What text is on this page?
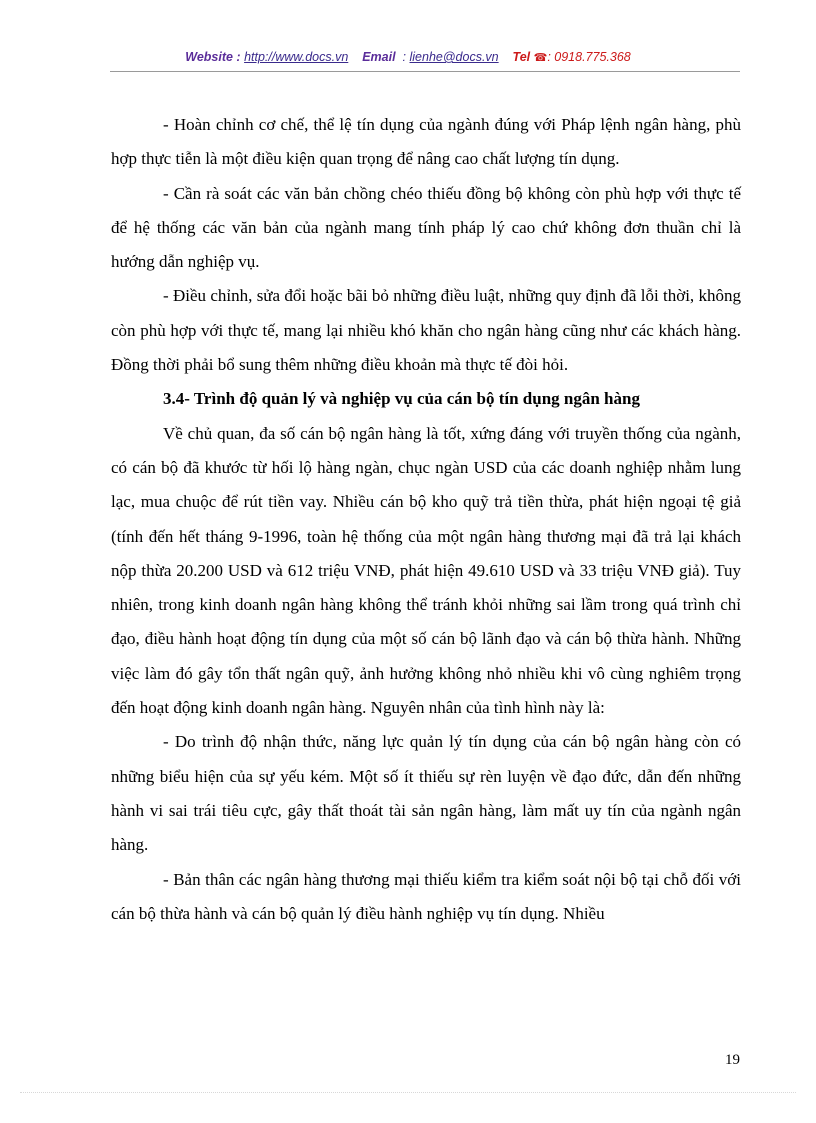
Website : http://www.docs.vn Email : lienhe@docs.vn Tel ☎: 0918.775.368

- Hoàn chỉnh cơ chế, thể lệ tín dụng của ngành đúng với Pháp lệnh ngân hàng, phù hợp thực tiễn là một điều kiện quan trọng để nâng cao chất lượng tín dụng.

- Cần rà soát các văn bản chồng chéo thiếu đồng bộ không còn phù hợp với thực tế để hệ thống các văn bản của ngành mang tính pháp lý cao chứ không đơn thuần chỉ là hướng dẫn nghiệp vụ.

- Điều chỉnh, sửa đổi hoặc bãi bỏ những điều luật, những quy định đã lỗi thời, không còn phù hợp với thực tế, mang lại nhiều khó khăn cho ngân hàng cũng như các khách hàng. Đồng thời phải bổ sung thêm những điều khoản mà thực tế đòi hỏi.

3.4- Trình độ quản lý và nghiệp vụ của cán bộ tín dụng ngân hàng

Về chủ quan, đa số cán bộ ngân hàng là tốt, xứng đáng với truyền thống của ngành, có cán bộ đã khước từ hối lộ hàng ngàn, chục ngàn USD của các doanh nghiệp nhằm lung lạc, mua chuộc để rút tiền vay. Nhiều cán bộ kho quỹ trả tiền thừa, phát hiện ngoại tệ giả (tính đến hết tháng 9-1996, toàn hệ thống của một ngân hàng thương mại đã trả lại khách nộp thừa 20.200 USD và 612 triệu VNĐ, phát hiện 49.610 USD và 33 triệu VNĐ giả). Tuy nhiên, trong kinh doanh ngân hàng không thể tránh khỏi những sai lầm trong quá trình chỉ đạo, điều hành hoạt động tín dụng của một số cán bộ lãnh đạo và cán bộ thừa hành. Những việc làm đó gây tổn thất ngân quỹ, ảnh hưởng không nhỏ nhiều khi vô cùng nghiêm trọng đến hoạt động kinh doanh ngân hàng. Nguyên nhân của tình hình này là:

- Do trình độ nhận thức, năng lực quản lý tín dụng của cán bộ ngân hàng còn có những biểu hiện của sự yếu kém. Một số ít thiếu sự rèn luyện về đạo đức, dẫn đến những hành vi sai trái tiêu cực, gây thất thoát tài sản ngân hàng, làm mất uy tín của ngành ngân hàng.

- Bản thân các ngân hàng thương mại thiếu kiểm tra kiểm soát nội bộ tại chỗ đối với cán bộ thừa hành và cán bộ quản lý điều hành nghiệp vụ tín dụng. Nhiều

19
